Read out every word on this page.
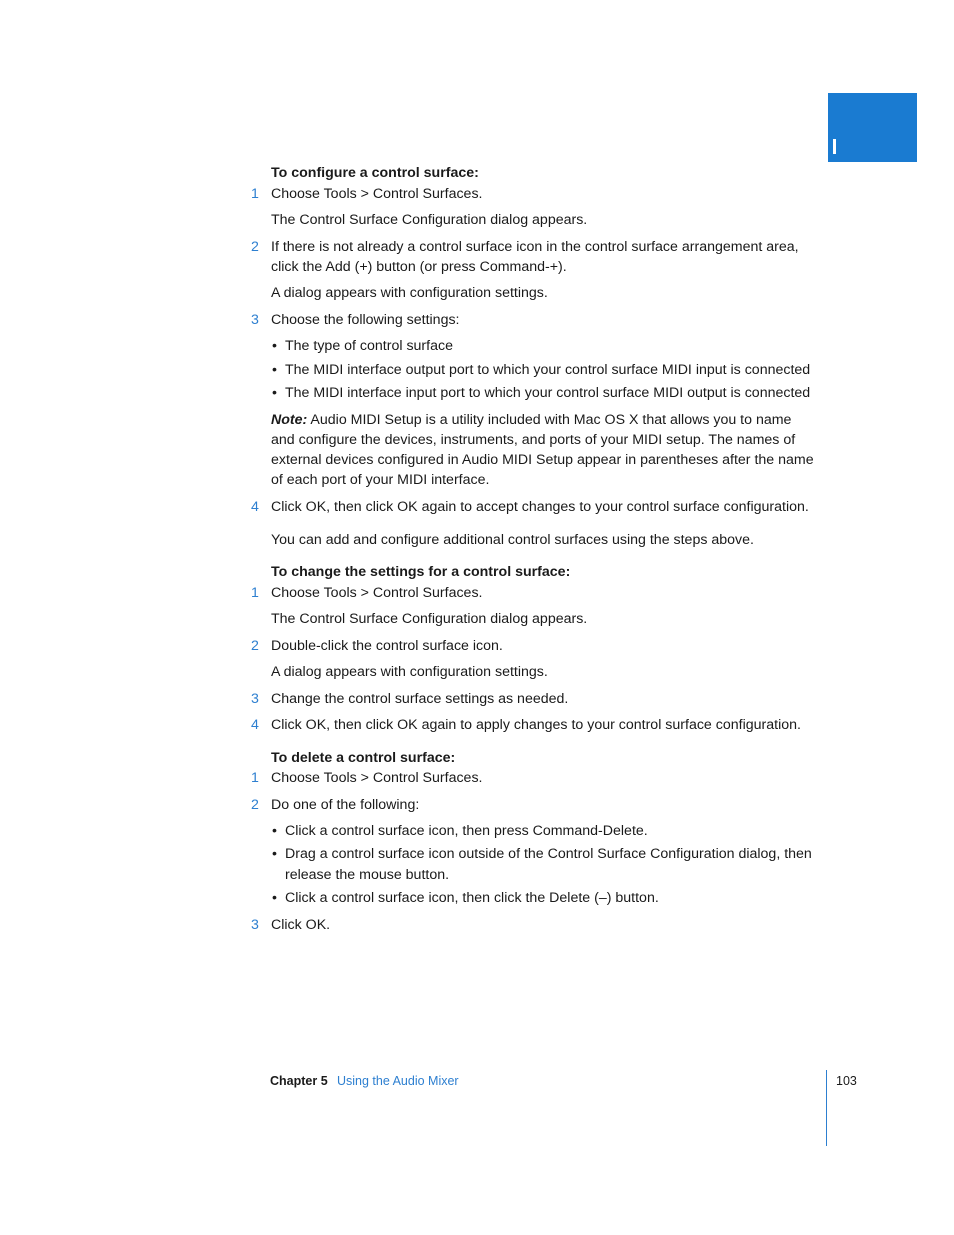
To configure a control surface:
1 Choose Tools > Control Surfaces.
The Control Surface Configuration dialog appears.
2 If there is not already a control surface icon in the control surface arrangement area,
click the Add (+) button (or press Command-+).
A dialog appears with configuration settings.
3 Choose the following settings:
• The type of control surface
• The MIDI interface output port to which your control surface MIDI input is connected
• The MIDI interface input port to which your control surface MIDI output is connected
Note: Audio MIDI Setup is a utility included with Mac OS X that allows you to name
and configure the devices, instruments, and ports of your MIDI setup. The names of
external devices configured in Audio MIDI Setup appear in parentheses after the name
of each port of your MIDI interface.
4 Click OK, then click OK again to accept changes to your control surface configuration.
You can add and configure additional control surfaces using the steps above.
To change the settings for a control surface:
1 Choose Tools > Control Surfaces.
The Control Surface Configuration dialog appears.
2 Double-click the control surface icon.
A dialog appears with configuration settings.
3 Change the control surface settings as needed.
4 Click OK, then click OK again to apply changes to your control surface configuration.
To delete a control surface:
1 Choose Tools > Control Surfaces.
2 Do one of the following:
• Click a control surface icon, then press Command-Delete.
• Drag a control surface icon outside of the Control Surface Configuration dialog, then
release the mouse button.
• Click a control surface icon, then click the Delete (–) button.
3 Click OK.
Chapter 5 Using the Audio Mixer	103
